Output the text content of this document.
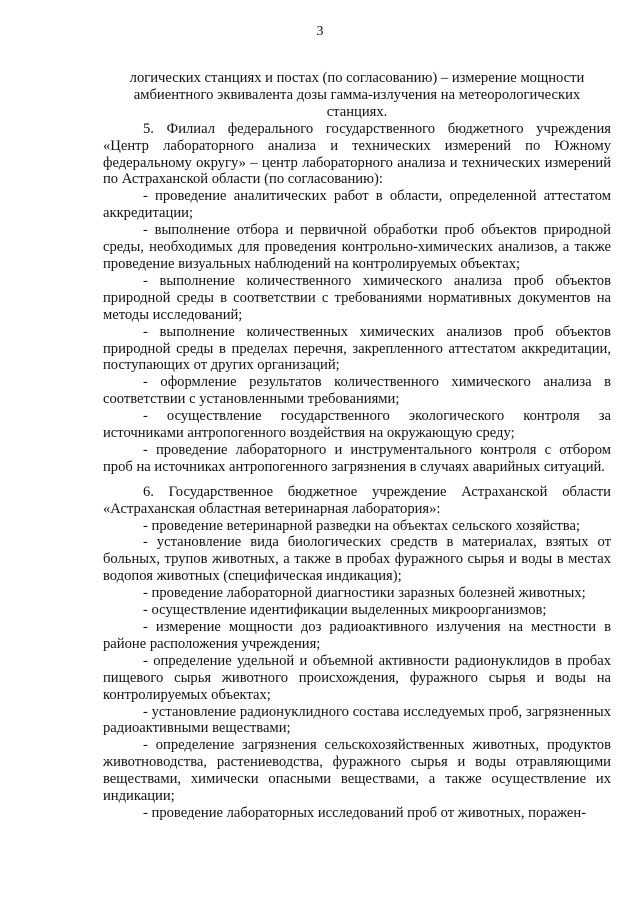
3

логических станциях и постах (по согласованию) – измерение мощности амбиентного эквивалента дозы гамма-излучения на метеорологических станциях.

5. Филиал федерального государственного бюджетного учреждения «Центр лабораторного анализа и технических измерений по Южному федеральному округу» – центр лабораторного анализа и технических измерений по Астраханской области (по согласованию):

- проведение аналитических работ в области, определенной аттестатом аккредитации;

- выполнение отбора и первичной обработки проб объектов природной среды, необходимых для проведения контрольно-химических анализов, а также проведение визуальных наблюдений на контролируемых объектах;

- выполнение количественного химического анализа проб объектов природной среды в соответствии с требованиями нормативных документов на методы исследований;

- выполнение количественных химических анализов проб объектов природной среды в пределах перечня, закрепленного аттестатом аккредитации, поступающих от других организаций;

- оформление результатов количественного химического анализа в соответствии с установленными требованиями;

- осуществление государственного экологического контроля за источниками антропогенного воздействия на окружающую среду;

- проведение лабораторного и инструментального контроля с отбором проб на источниках антропогенного загрязнения в случаях аварийных ситуаций.

6. Государственное бюджетное учреждение Астраханской области «Астраханская областная ветеринарная лаборатория»:

- проведение ветеринарной разведки на объектах сельского хозяйства;

- установление вида биологических средств в материалах, взятых от больных, трупов животных, а также в пробах фуражного сырья и воды в местах водопоя животных (специфическая индикация);

- проведение лабораторной диагностики заразных болезней животных;

- осуществление идентификации выделенных микроорганизмов;

- измерение мощности доз радиоактивного излучения на местности в районе расположения учреждения;

- определение удельной и объемной активности радионуклидов в пробах пищевого сырья животного происхождения, фуражного сырья и воды на контролируемых объектах;

- установление радионуклидного состава исследуемых проб, загрязненных радиоактивными веществами;

- определение загрязнения сельскохозяйственных животных, продуктов животноводства, растениеводства, фуражного сырья и воды отравляющими веществами, химически опасными веществами, а также осуществление их индикации;

- проведение лабораторных исследований проб от животных, поражен-
